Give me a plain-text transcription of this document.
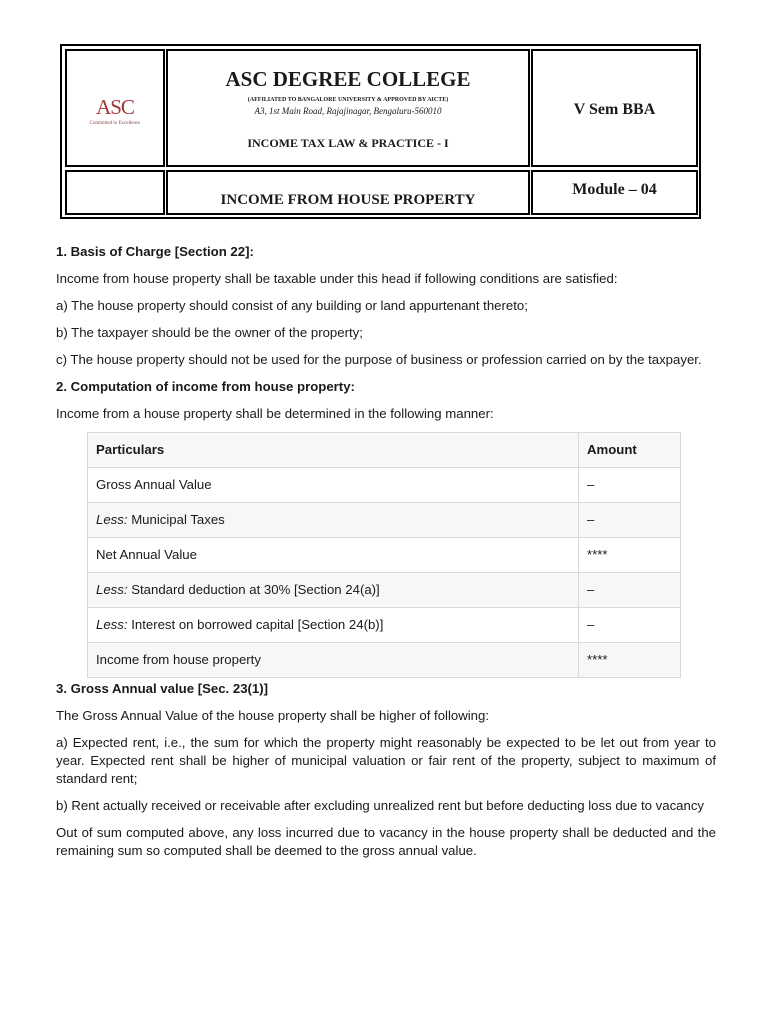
ASC
Committed to Excellence
ASC DEGREE COLLEGE
(AFFILIATED TO BANGALORE UNIVERSITY & APPROVED BY AICTE)
A3, 1st Main Road, Rajajinagar, Bengaluru-560010
INCOME TAX LAW & PRACTICE - I
V Sem BBA
INCOME FROM HOUSE PROPERTY
Module – 04

1. Basis of Charge [Section 22]:

Income from house property shall be taxable under this head if following conditions are satisfied:

a) The house property should consist of any building or land appurtenant thereto;

b) The taxpayer should be the owner of the property;

c) The house property should not be used for the purpose of business or profession carried on by the taxpayer.

2. Computation of income from house property:

Income from a house property shall be determined in the following manner:

Particulars	Amount
Gross Annual Value	–
Less: Municipal Taxes	–
Net Annual Value	****
Less: Standard deduction at 30% [Section 24(a)]	–
Less: Interest on borrowed capital [Section 24(b)]	–
Income from house property	****

3. Gross Annual value [Sec. 23(1)]

The Gross Annual Value of the house property shall be higher of following:

a) Expected rent, i.e., the sum for which the property might reasonably be expected to be let out from year to year. Expected rent shall be higher of municipal valuation or fair rent of the property, subject to maximum of standard rent;

b) Rent actually received or receivable after excluding unrealized rent but before deducting loss due to vacancy

Out of sum computed above, any loss incurred due to vacancy in the house property shall be deducted and the remaining sum so computed shall be deemed to the gross annual value.
